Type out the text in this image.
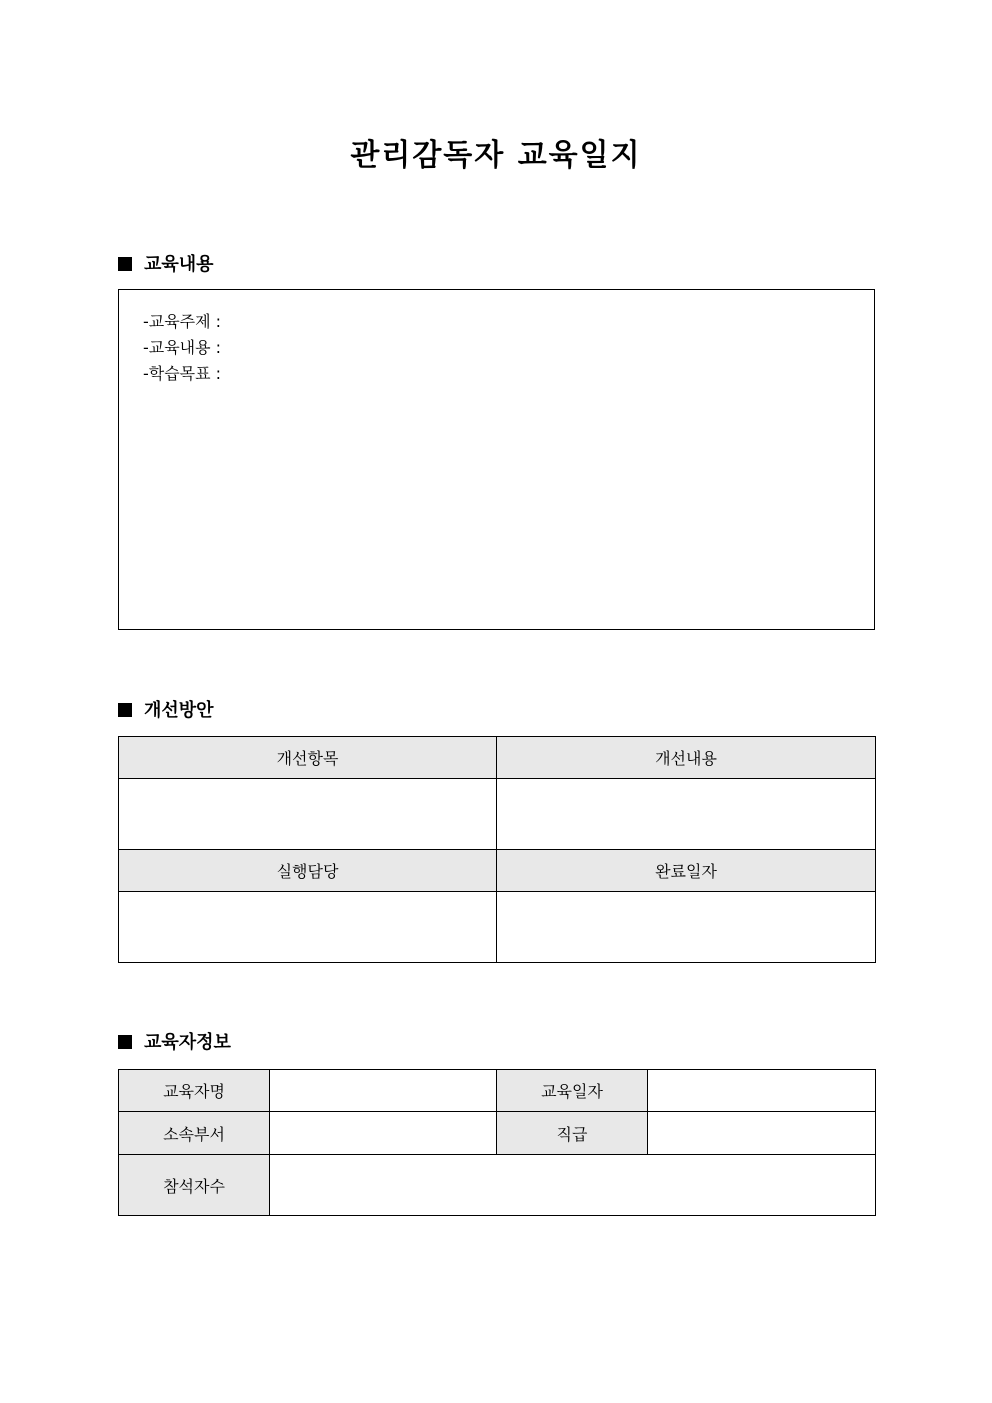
관리감독자 교육일지
교육내용
-교육주제 :
-교육내용 :
-학습목표 :
개선방안
개선항목	개선내용

실행담당	완료일자

교육자정보
교육자명		교육일자	
소속부서		직급	
참석자수			
